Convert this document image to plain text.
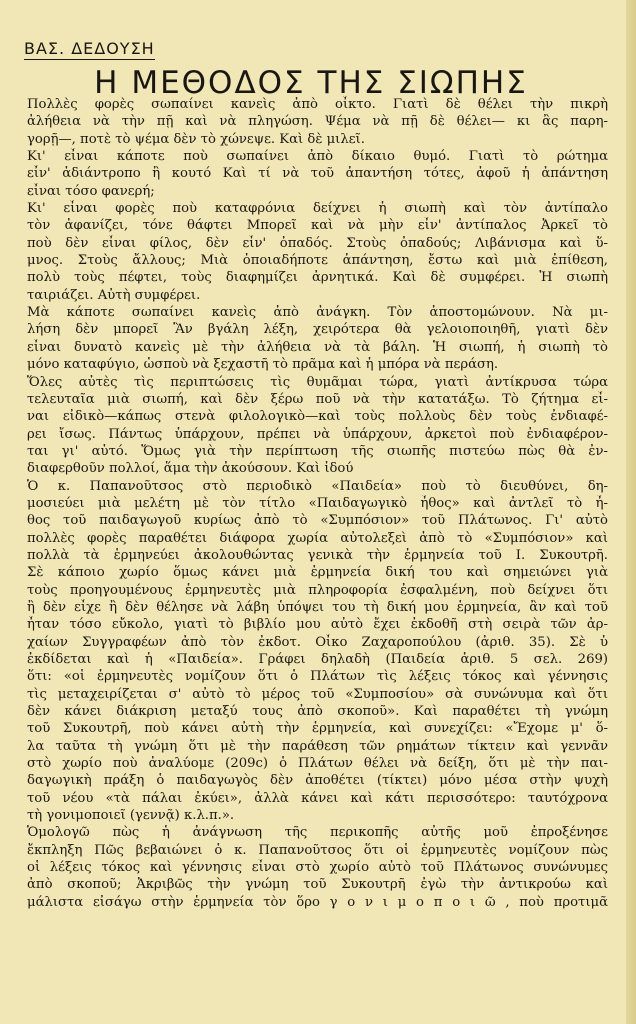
ΒΑΣ. ΔΕΔΟΥΣΗ
Η ΜΕΘΟΔΟΣ ΤΗΣ ΣΙΩΠΗΣ
Πολλὲς φορὲς σωπαίνει κανεὶς ἀπὸ οἶκτο. Γιατὶ δὲ θέλει τὴν πικρὴ
ἀλήθεια νὰ τὴν πῇ καὶ νὰ πληγώση. Ψέμα νὰ πῇ δὲ θέλει— κι ἂς παρη-
γορῇ—, ποτὲ τὸ ψέμα δὲν τὸ χώνεψε. Καὶ δὲ μιλεῖ.
Κι' εἶναι κάποτε ποὺ σωπαίνει ἀπὸ δίκαιο θυμό. Γιατὶ τὸ ρώτημα
εἶν' ἀδιάντροπο ἢ κουτό Καὶ τί νὰ τοῦ ἀπαντήση τότες, ἀφοῦ ἡ ἀπάντηση
εἶναι τόσο φανερή;
Κι' εἶναι φορὲς ποὺ καταφρόνια δείχνει ἡ σιωπὴ καὶ τὸν ἀντίπαλο
τὸν ἀφανίζει, τόνε θάφτει Μπορεῖ καὶ νὰ μὴν εἶν' ἀντίπαλος Ἀρκεῖ τὸ
ποὺ δὲν εἶναι φίλος, δὲν εἶν' ὀπαδός. Στοὺς ὀπαδούς; Λιβάνισμα καὶ ὕ-
μνος. Στοὺς ἄλλους; Μιὰ ὁποιαδήποτε ἀπάντηση, ἔστω καὶ μιὰ ἐπίθεση,
πολὺ τοὺς πέφτει, τοὺς διαφημίζει ἀρνητικά. Καὶ δὲ συμφέρει. Ἡ σιωπὴ
ταιριάζει. Αὐτὴ συμφέρει.
Μὰ κάποτε σωπαίνει κανεὶς ἀπὸ ἀνάγκη. Τὸν ἀποστομώνουν. Νὰ μι-
λήση δὲν μπορεῖ Ἂν βγάλη λέξη, χειρότερα θὰ γελοιοποιηθῆ, γιατὶ δὲν
εἶναι δυνατὸ κανεὶς μὲ τὴν ἀλήθεια νὰ τὰ βάλη. Ἡ σιωπή, ἡ σιωπὴ τὸ
μόνο καταφύγιο, ὡσποὺ νὰ ξεχαστῆ τὸ πρᾶμα καὶ ἡ μπόρα νὰ περάση.
Ὅλες αὐτὲς τὶς περιπτώσεις τὶς θυμᾶμαι τώρα, γιατὶ ἀντίκρυσα τώρα
τελευταῖα μιὰ σιωπή, καὶ δὲν ξέρω ποῦ νὰ τὴν κατατάξω. Τὸ ζήτημα εἶ-
ναι εἰδικὸ—κάπως στενὰ φιλολογικὸ—καὶ τοὺς πολλοὺς δὲν τοὺς ἐνδιαφέ-
ρει ἴσως. Πάντως ὑπάρχουν, πρέπει νὰ ὑπάρχουν, ἀρκετοὶ ποὺ ἐνδιαφέρον-
ται γι' αὐτό. Ὅμως γιὰ τὴν περίπτωση τῆς σιωπῆς πιστεύω πὼς θὰ ἐν-
διαφερθοῦν πολλοί, ἅμα τὴν ἀκούσουν. Καὶ ἰδού
Ὁ κ. Παπανοῦτσος στὸ περιοδικὸ «Παιδεία» ποὺ τὸ διευθύνει, δη-
μοσιεύει μιὰ μελέτη μὲ τὸν τίτλο «Παιδαγωγικὸ ἦθος» καὶ ἀντλεῖ τὸ ἦ-
θος τοῦ παιδαγωγοῦ κυρίως ἀπὸ τὸ «Συμπόσιον» τοῦ Πλάτωνος. Γι' αὐτὸ
πολλὲς φορὲς παραθέτει διάφορα χωρία αὐτολεξεὶ ἀπὸ τὸ «Συμπόσιον» καὶ
πολλὰ τὰ ἑρμηνεύει ἀκολουθώντας γενικὰ τὴν ἑρμηνεία τοῦ Ι. Συκουτρῆ.
Σὲ κάποιο χωρίο ὅμως κάνει μιὰ ἑρμηνεία δική του καὶ σημειώνει γιὰ
τοὺς προηγουμένους ἑρμηνευτὲς μιὰ πληροφορία ἐσφαλμένη, ποὺ δείχνει ὅτι
ἢ δὲν εἶχε ἢ δὲν θέλησε νὰ λάβη ὑπόψει του τὴ δική μου ἑρμηνεία, ἂν καὶ τοῦ
ἦταν τόσο εὔκολο, γιατὶ τὸ βιβλίο μου αὐτὸ ἔχει ἐκδοθῆ στὴ σειρὰ τῶν ἀρ-
χαίων Συγγραφέων ἀπὸ τὸν ἐκδοτ. Οἶκο Ζαχαροπούλου (ἀριθ. 35). Σὲ ὑ
ἐκδίδεται καὶ ἡ «Παιδεία». Γράφει δηλαδὴ (Παιδεία ἀριθ. 5 σελ. 269)
ὅτι: «οἱ ἑρμηνευτὲς νομίζουν ὅτι ὁ Πλάτων τὶς λέξεις τόκος καὶ γέννησις
τὶς μεταχειρίζεται σ' αὐτὸ τὸ μέρος τοῦ «Συμποσίου» σὰ συνώνυμα καὶ ὅτι
δὲν κάνει διάκριση μεταξύ τους ἀπὸ σκοποῦ». Καὶ παραθέτει τὴ γνώμη
τοῦ Συκουτρῆ, ποὺ κάνει αὐτὴ τὴν ἑρμηνεία, καὶ συνεχίζει: «Ἔχομε μ' ὅ-
λα ταῦτα τὴ γνώμη ὅτι μὲ τὴν παράθεση τῶν ρημάτων τίκτειν καὶ γεννᾶν
στὸ χωρίο ποὺ ἀναλύομε (209c) ὁ Πλάτων θέλει νὰ δείξη, ὅτι μὲ τὴν παι-
δαγωγικὴ πράξη ὁ παιδαγωγὸς δὲν ἀποθέτει (τίκτει) μόνο μέσα στὴν ψυχὴ
τοῦ νέου «τὰ πάλαι ἐκύει», ἀλλὰ κάνει καὶ κάτι περισσότερο: ταυτόχρονα
τὴ γονιμοποιεῖ (γεννᾷ) κ.λ.π.».
Ὁμολογῶ πὼς ἡ ἀνάγνωση τῆς περικοπῆς αὐτῆς μοῦ ἐπροξένησε
ἔκπληξη Πῶς βεβαιώνει ὁ κ. Παπανοῦτσος ὅτι οἱ ἑρμηνευτὲς νομίζουν πὼς
οἱ λέξεις τόκος καὶ γέννησις εἶναι στὸ χωρίο αὐτὸ τοῦ Πλάτωνος συνώνυμες
ἀπὸ σκοποῦ; Ἀκριβῶς τὴν γνώμη τοῦ Συκουτρῆ ἐγὼ τὴν ἀντικρούω καὶ
μάλιστα εἰσάγω στὴν ἑρμηνεία τὸν ὅρο γ ο ν ι μ ο π ο ι ῶ , ποὺ προτιμᾶ
